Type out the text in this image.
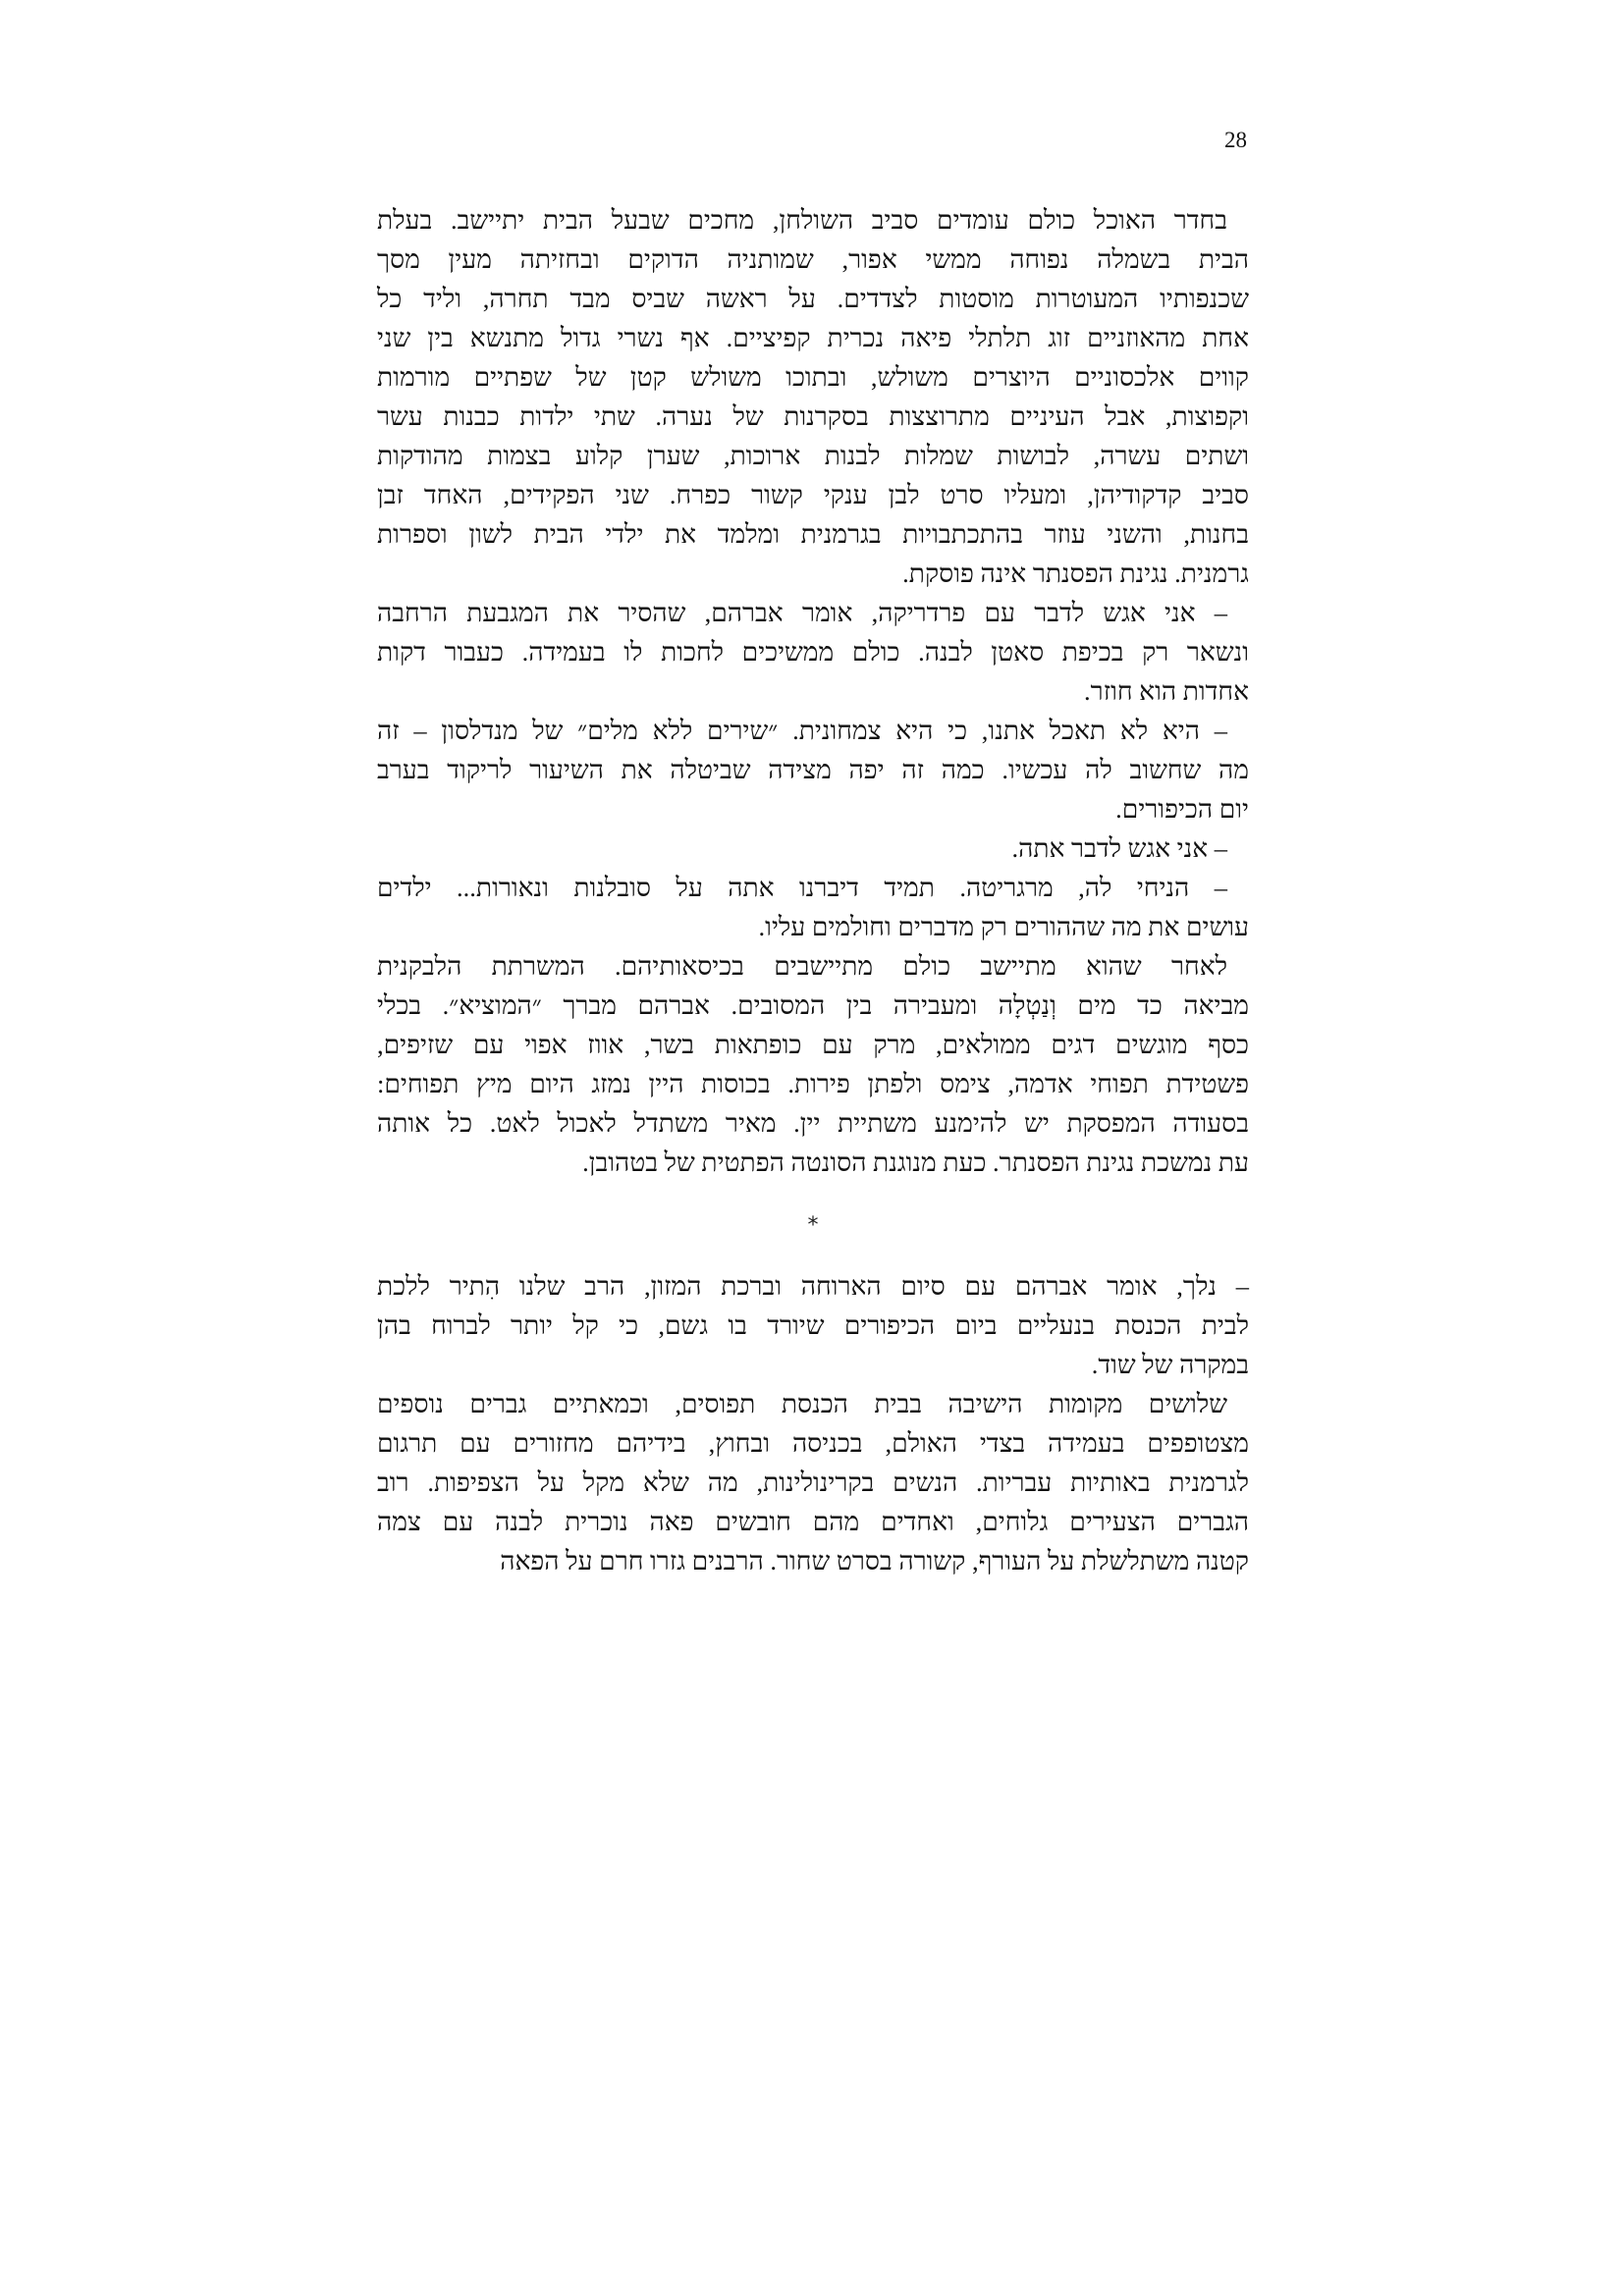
28
בחדר האוכל כולם עומדים סביב השולחן, מחכים שבעל הבית יתיישב. בעלת
הבית בשמלה נפוחה ממשי אפור, שמותניה הדוקים ובחזיתה מעין מסך
שכנפותיו המעוטרות מוסטות לצדדים. על ראשה שביס מבד תחרה, וליד כל
אחת מהאוזניים זוג תלתלי פיאה נכרית קפיציים. אף נשרי גדול מתנשא בין שני
קווים אלכסוניים היוצרים משולש, ובתוכו משולש קטן של שפתיים מורמות
וקפוצות, אבל העיניים מתרוצצות בסקרנות של נערה. שתי ילדות כבנות עשר
ושתים עשרה, לבושות שמלות לבנות ארוכות, שערן קלוע בצמות מהודקות
סביב קדקודיהן, ומעליו סרט לבן ענקי קשור כפרח. שני הפקידים, האחד זבן
בחנות, והשני עוזר בהתכתבויות בגרמנית ומלמד את ילדי הבית לשון וספרות
גרמנית. נגינת הפסנתר אינה פוסקת.
– אני אגש לדבר עם פרדריקה, אומר אברהם, שהסיר את המגבעת הרחבה
ונשאר רק בכיפת סאטן לבנה. כולם ממשיכים לחכות לו בעמידה. כעבור דקות
אחדות הוא חוזר.
– היא לא תאכל אתנו, כי היא צמחונית. ״שירים ללא מלים״ של מנדלסון – זה
מה שחשוב לה עכשיו. כמה זה יפה מצידה שביטלה את השיעור לריקוד בערב
יום הכיפורים.
– אני אגש לדבר אתה.
– הניחי לה, מרגריטה. תמיד דיברנו אתה על סובלנות ונאורות... ילדים
עושים את מה שההורים רק מדברים וחולמים עליו.
לאחר שהוא מתיישב כולם מתיישבים בכיסאותיהם. המשרתת הלבקנית
מביאה כד מים וְנַטְלָה ומעבירה בין המסובים. אברהם מברך ״המוציא״. בכלי
כסף מוגשים דגים ממולאים, מרק עם כופתאות בשר, אווז אפוי עם שזיפים,
פשטידת תפוחי אדמה, צימס ולפתן פירות. בכוסות היין נמזג היום מיץ תפוחים:
בסעודה המפסקת יש להימנע משתיית יין. מאיר משתדל לאכול לאט. כל אותה
עת נמשכת נגינת הפסנתר. כעת מנוגנת הסונטה הפתטית של בטהובן.
*
– נלך, אומר אברהם עם סיום הארוחה וברכת המזון, הרב שלנו הִתיר ללכת
לבית הכנסת בנעליים ביום הכיפורים שיורד בו גשם, כי קל יותר לברוח בהן
במקרה של שוד.
שלושים מקומות הישיבה בבית הכנסת תפוסים, וכמאתיים גברים נוספים
מצטופפים בעמידה בצדי האולם, בכניסה ובחוץ, בידיהם מחזורים עם תרגום
לגרמנית באותיות עבריות. הנשים בקרינולינות, מה שלא מקל על הצפיפות. רוב
הגברים הצעירים גלוחים, ואחדים מהם חובשים פאה נוכרית לבנה עם צמה
קטנה משתלשלת על העורף, קשורה בסרט שחור. הרבנים גזרו חרם על הפאה
